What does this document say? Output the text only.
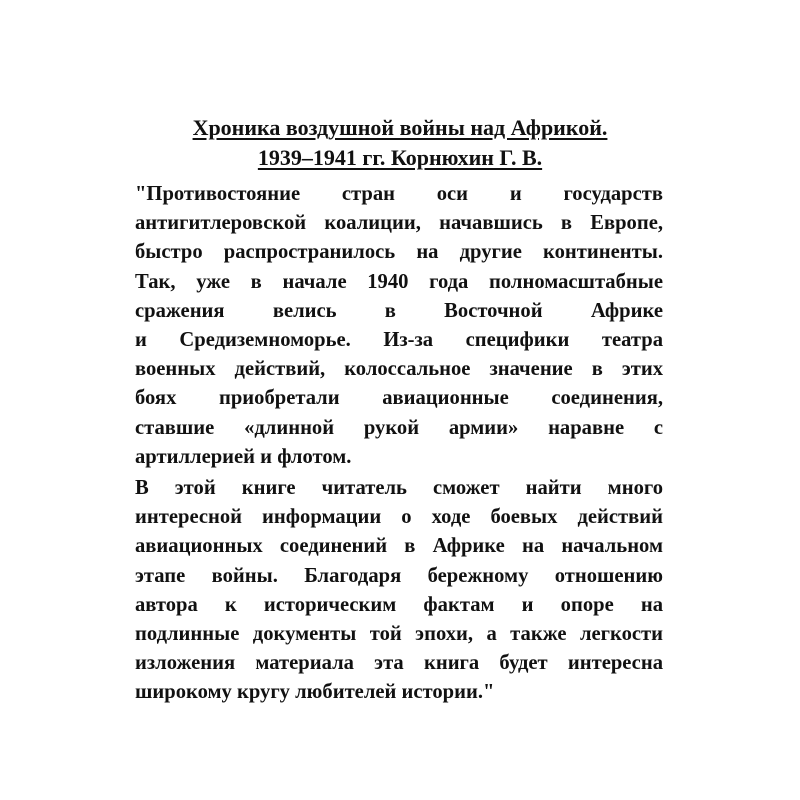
Хроника воздушной войны над Африкой.
1939–1941 гг. Корнюхин Г. В.
"Противостояние стран оси и государств
антигитлеровской коалиции, начавшись в Европе,
быстро распространилось на другие континенты.
Так, уже в начале 1940 года полномасштабные
сражения велись в Восточной Африке
и Средиземноморье. Из-за специфики театра
военных действий, колоссальное значение в этих
боях приобретали авиационные соединения,
ставшие «длинной рукой армии» наравне с
артиллерией и флотом.
В этой книге читатель сможет найти много
интересной информации о ходе боевых действий
авиационных соединений в Африке на начальном
этапе войны. Благодаря бережному отношению
автора к историческим фактам и опоре на
подлинные документы той эпохи, а также легкости
изложения материала эта книга будет интересна
широкому кругу любителей истории."
